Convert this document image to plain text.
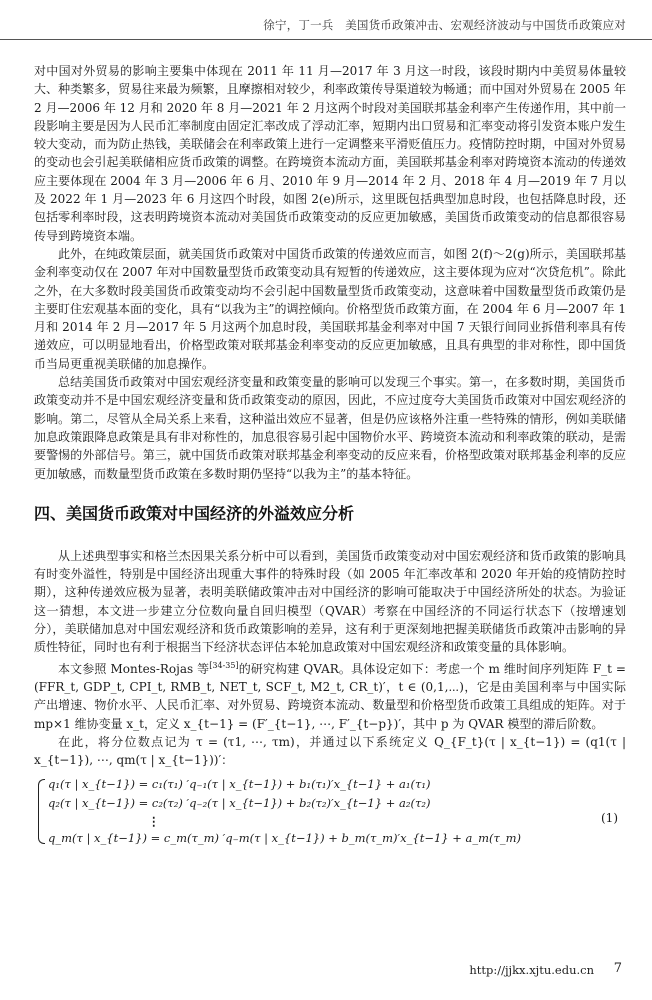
徐宁，丁一兵　美国货币政策冲击、宏观经济波动与中国货币政策应对

对中国对外贸易的影响主要集中体现在 2011 年 11 月—2017 年 3 月这一时段，该段时期内中美贸易体量较大、种类繁多，贸易往来最为频繁，且摩擦相对较少，利率政策传导渠道较为畅通；而中国对外贸易在 2005 年 2 月—2006 年 12 月和 2020 年 8 月—2021 年 2 月这两个时段对美国联邦基金利率产生传递作用，其中前一段影响主要是因为人民币汇率制度由固定汇率改成了浮动汇率，短期内出口贸易和汇率变动将引发资本账户发生较大变动，而为防止热钱，美联储会在利率政策上进行一定调整来平滑贬值压力。疫情防控时期，中国对外贸易的变动也会引起美联储相应货币政策的调整。在跨境资本流动方面，美国联邦基金利率对跨境资本流动的传递效应主要体现在 2004 年 3 月—2006 年 6 月、2010 年 9 月—2014 年 2 月、2018 年 4 月—2019 年 7 月以及 2022 年 1 月—2023 年 6 月这四个时段，如图 2(e)所示，这里既包括典型加息时段，也包括降息时段，还包括零利率时段，这表明跨境资本流动对美国货币政策变动的反应更加敏感，美国货币政策变动的信息都很容易传导到跨境资本端。

此外，在纯政策层面，就美国货币政策对中国货币政策的传递效应而言，如图 2(f)～2(g)所示，美国联邦基金利率变动仅在 2007 年对中国数量型货币政策变动具有短暂的传递效应，这主要体现为应对“次贷危机”。除此之外，在大多数时段美国货币政策变动均不会引起中国数量型货币政策变动，这意味着中国数量型货币政策仍是主要盯住宏观基本面的变化，具有“以我为主”的调控倾向。价格型货币政策方面，在 2004 年 6 月—2007 年 1 月和 2014 年 2 月—2017 年 5 月这两个加息时段，美国联邦基金利率对中国 7 天银行间同业拆借利率具有传递效应，可以明显地看出，价格型政策对联邦基金利率变动的反应更加敏感，且具有典型的非对称性，即中国货币当局更重视美联储的加息操作。

总结美国货币政策对中国宏观经济变量和政策变量的影响可以发现三个事实。第一，在多数时期，美国货币政策变动并不是中国宏观经济变量和货币政策变动的原因，因此，不应过度夸大美国货币政策对中国宏观经济的影响。第二，尽管从全局关系上来看，这种溢出效应不显著，但是仍应该格外注重一些特殊的情形，例如美联储加息政策跟降息政策是具有非对称性的，加息很容易引起中国物价水平、跨境资本流动和利率政策的联动，是需要警惕的外部信号。第三，就中国货币政策对联邦基金利率变动的反应来看，价格型政策对联邦基金利率的反应更加敏感，而数量型货币政策在多数时期仍坚持“以我为主”的基本特征。

四、美国货币政策对中国经济的外溢效应分析

从上述典型事实和格兰杰因果关系分析中可以看到，美国货币政策变动对中国宏观经济和货币政策的影响具有时变外溢性，特别是中国经济出现重大事件的特殊时段（如 2005 年汇率改革和 2020 年开始的疫情防控时期），这种传递效应极为显著，表明美联储政策冲击对中国经济的影响可能取决于中国经济所处的状态。为验证这一猜想，本文进一步建立分位数向量自回归模型（QVAR）考察在中国经济的不同运行状态下（按增速划分），美联储加息对中国宏观经济和货币政策影响的差异，这有利于更深刻地把握美联储货币政策冲击影响的异质性特征，同时也有利于根据当下经济状态评估本轮加息政策对中国宏观经济和政策变量的具体影响。

本文参照 Montes-Rojas 等[34-35]的研究构建 QVAR。具体设定如下：考虑一个 m 维时间序列矩阵 F_t = (FFR_t, GDP_t, CPI_t, RMB_t, NET_t, SCF_t, M2_t, CR_t)′，t ∈ (0,1,⋯)，它是由美国利率与中国实际产出增速、物价水平、人民币汇率、对外贸易、跨境资本流动、数量型和价格型货币政策工具组成的矩阵。对于 mp×1 维协变量 x_t，定义 x_{t−1} = (F′_{t−1}, ⋯, F′_{t−p})′，其中 p 为 QVAR 模型的滞后阶数。

在此，将分位数点记为 τ = (τ1, ⋯, τm)，并通过以下系统定义 Q_{F_t}(τ | x_{t−1}) = (q1(τ | x_{t−1}), ⋯, qm(τ | x_{t−1}))′：

q₁(τ | x_{t−1}) = c₁(τ₁) ′q₋₁(τ | x_{t−1}) + b₁(τ₁)′x_{t−1} + a₁(τ₁)
q₂(τ | x_{t−1}) = c₂(τ₂) ′q₋₂(τ | x_{t−1}) + b₂(τ₂)′x_{t−1} + a₂(τ₂)
⋮
q_m(τ | x_{t−1}) = c_m(τ_m) ′q₋m(τ | x_{t−1}) + b_m(τ_m)′x_{t−1} + a_m(τ_m)
(1)
http://jjkx.xjtu.edu.cn 7
